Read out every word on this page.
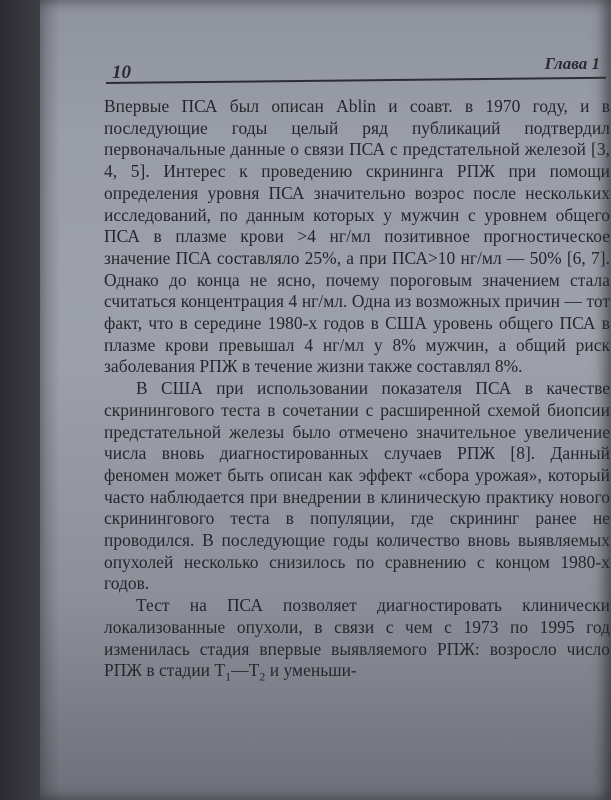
10	Глава 1

Впервые ПСА был описан Ablin и соавт. в 1970 году, и в последующие годы целый ряд публикаций подтвердил первоначальные данные о связи ПСА с предстательной железой [3, 4, 5]. Интерес к проведению скрининга РПЖ при помощи определения уровня ПСА значительно возрос после нескольких исследований, по данным которых у мужчин с уровнем общего ПСА в плазме крови >4 нг/мл позитивное прогностическое значение ПСА составляло 25%, а при ПСА>10 нг/мл — 50% [6, 7]. Однако до конца не ясно, почему пороговым значением стала считаться концентрация 4 нг/мл. Одна из возможных причин — тот факт, что в середине 1980-х годов в США уровень общего ПСА в плазме крови превышал 4 нг/мл у 8% мужчин, а общий риск заболевания РПЖ в течение жизни также составлял 8%.

В США при использовании показателя ПСА в качестве скринингового теста в сочетании с расширенной схемой биопсии предстательной железы было отмечено значительное увеличение числа вновь диагностированных случаев РПЖ [8]. Данный феномен может быть описан как эффект «сбора урожая», который часто наблюдается при внедрении в клиническую практику нового скринингового теста в популяции, где скрининг ранее не проводился. В последующие годы количество вновь выявляемых опухолей несколько снизилось по сравнению с концом 1980-х годов.

Тест на ПСА позволяет диагностировать клинически локализованные опухоли, в связи с чем с 1973 по 1995 год изменилась стадия впервые выявляемого РПЖ: возросло число РПЖ в стадии $T_1—T_2$ и уменьши-
